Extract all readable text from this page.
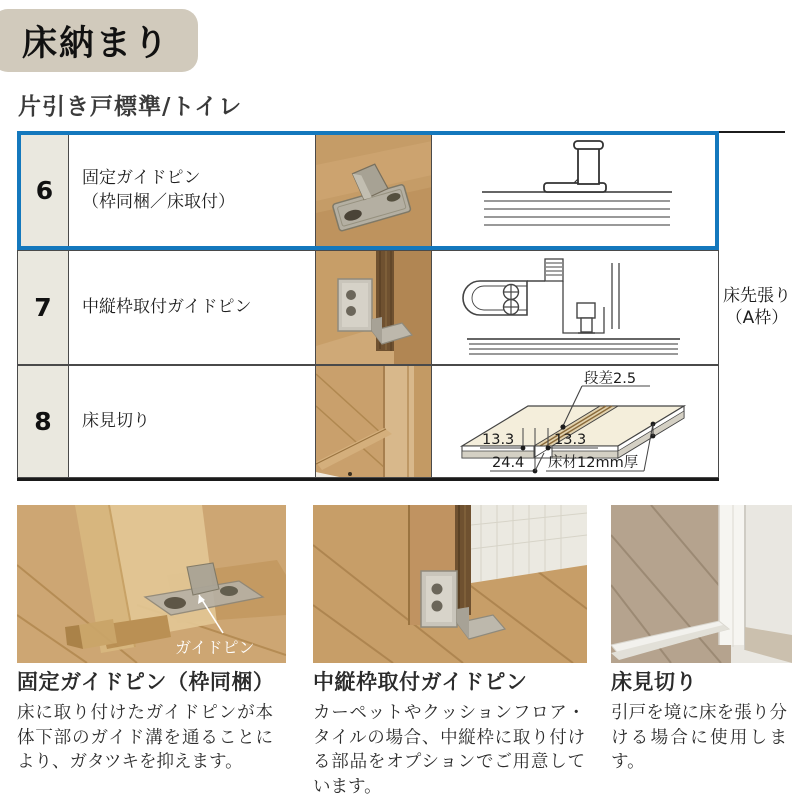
床納まり
片引き戸標準/トイレ
6	固定ガイドピン
（枠同梱／床取付）
7	中縦枠取付ガイドピン
8	床見切り
段差2.5
13.3	13.3
24.4 床材12mm厚
床先張り
（A枠）
ガイドピン
固定ガイドピン（枠同梱） 中縦枠取付ガイドピン	床見切り
床に取り付けたガイドピンが本体下部のガイド溝を通ることにより、ガタツキを抑えます。
カーペットやクッションフロア・タイルの場合、中縦枠に取り付ける部品をオプションでご用意しています。
引戸を境に床を張り分ける場合に使用します。
